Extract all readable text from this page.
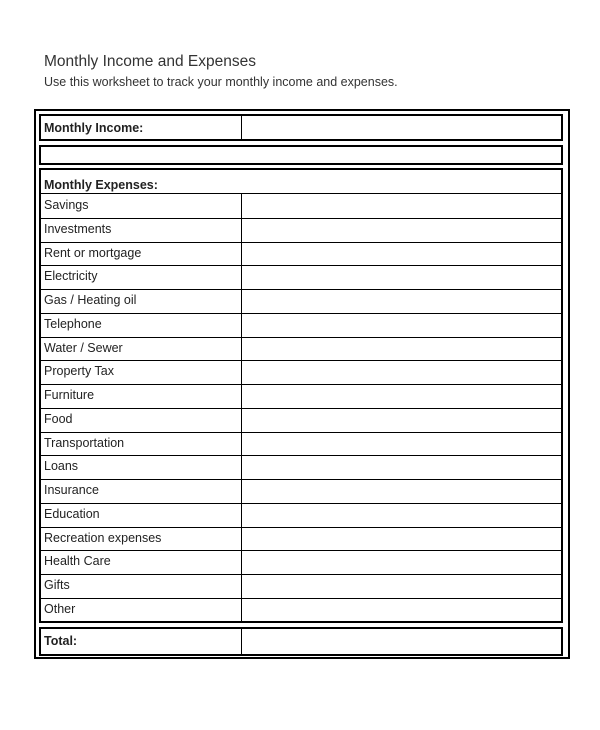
Monthly Income and Expenses
Use this worksheet to track your monthly income and expenses.
Monthly Income:
Monthly Expenses:
Savings
Investments
Rent or mortgage
Electricity
Gas / Heating oil
Telephone
Water / Sewer
Property Tax
Furniture
Food
Transportation
Loans
Insurance
Education
Recreation expenses
Health Care
Gifts
Other
Total:
